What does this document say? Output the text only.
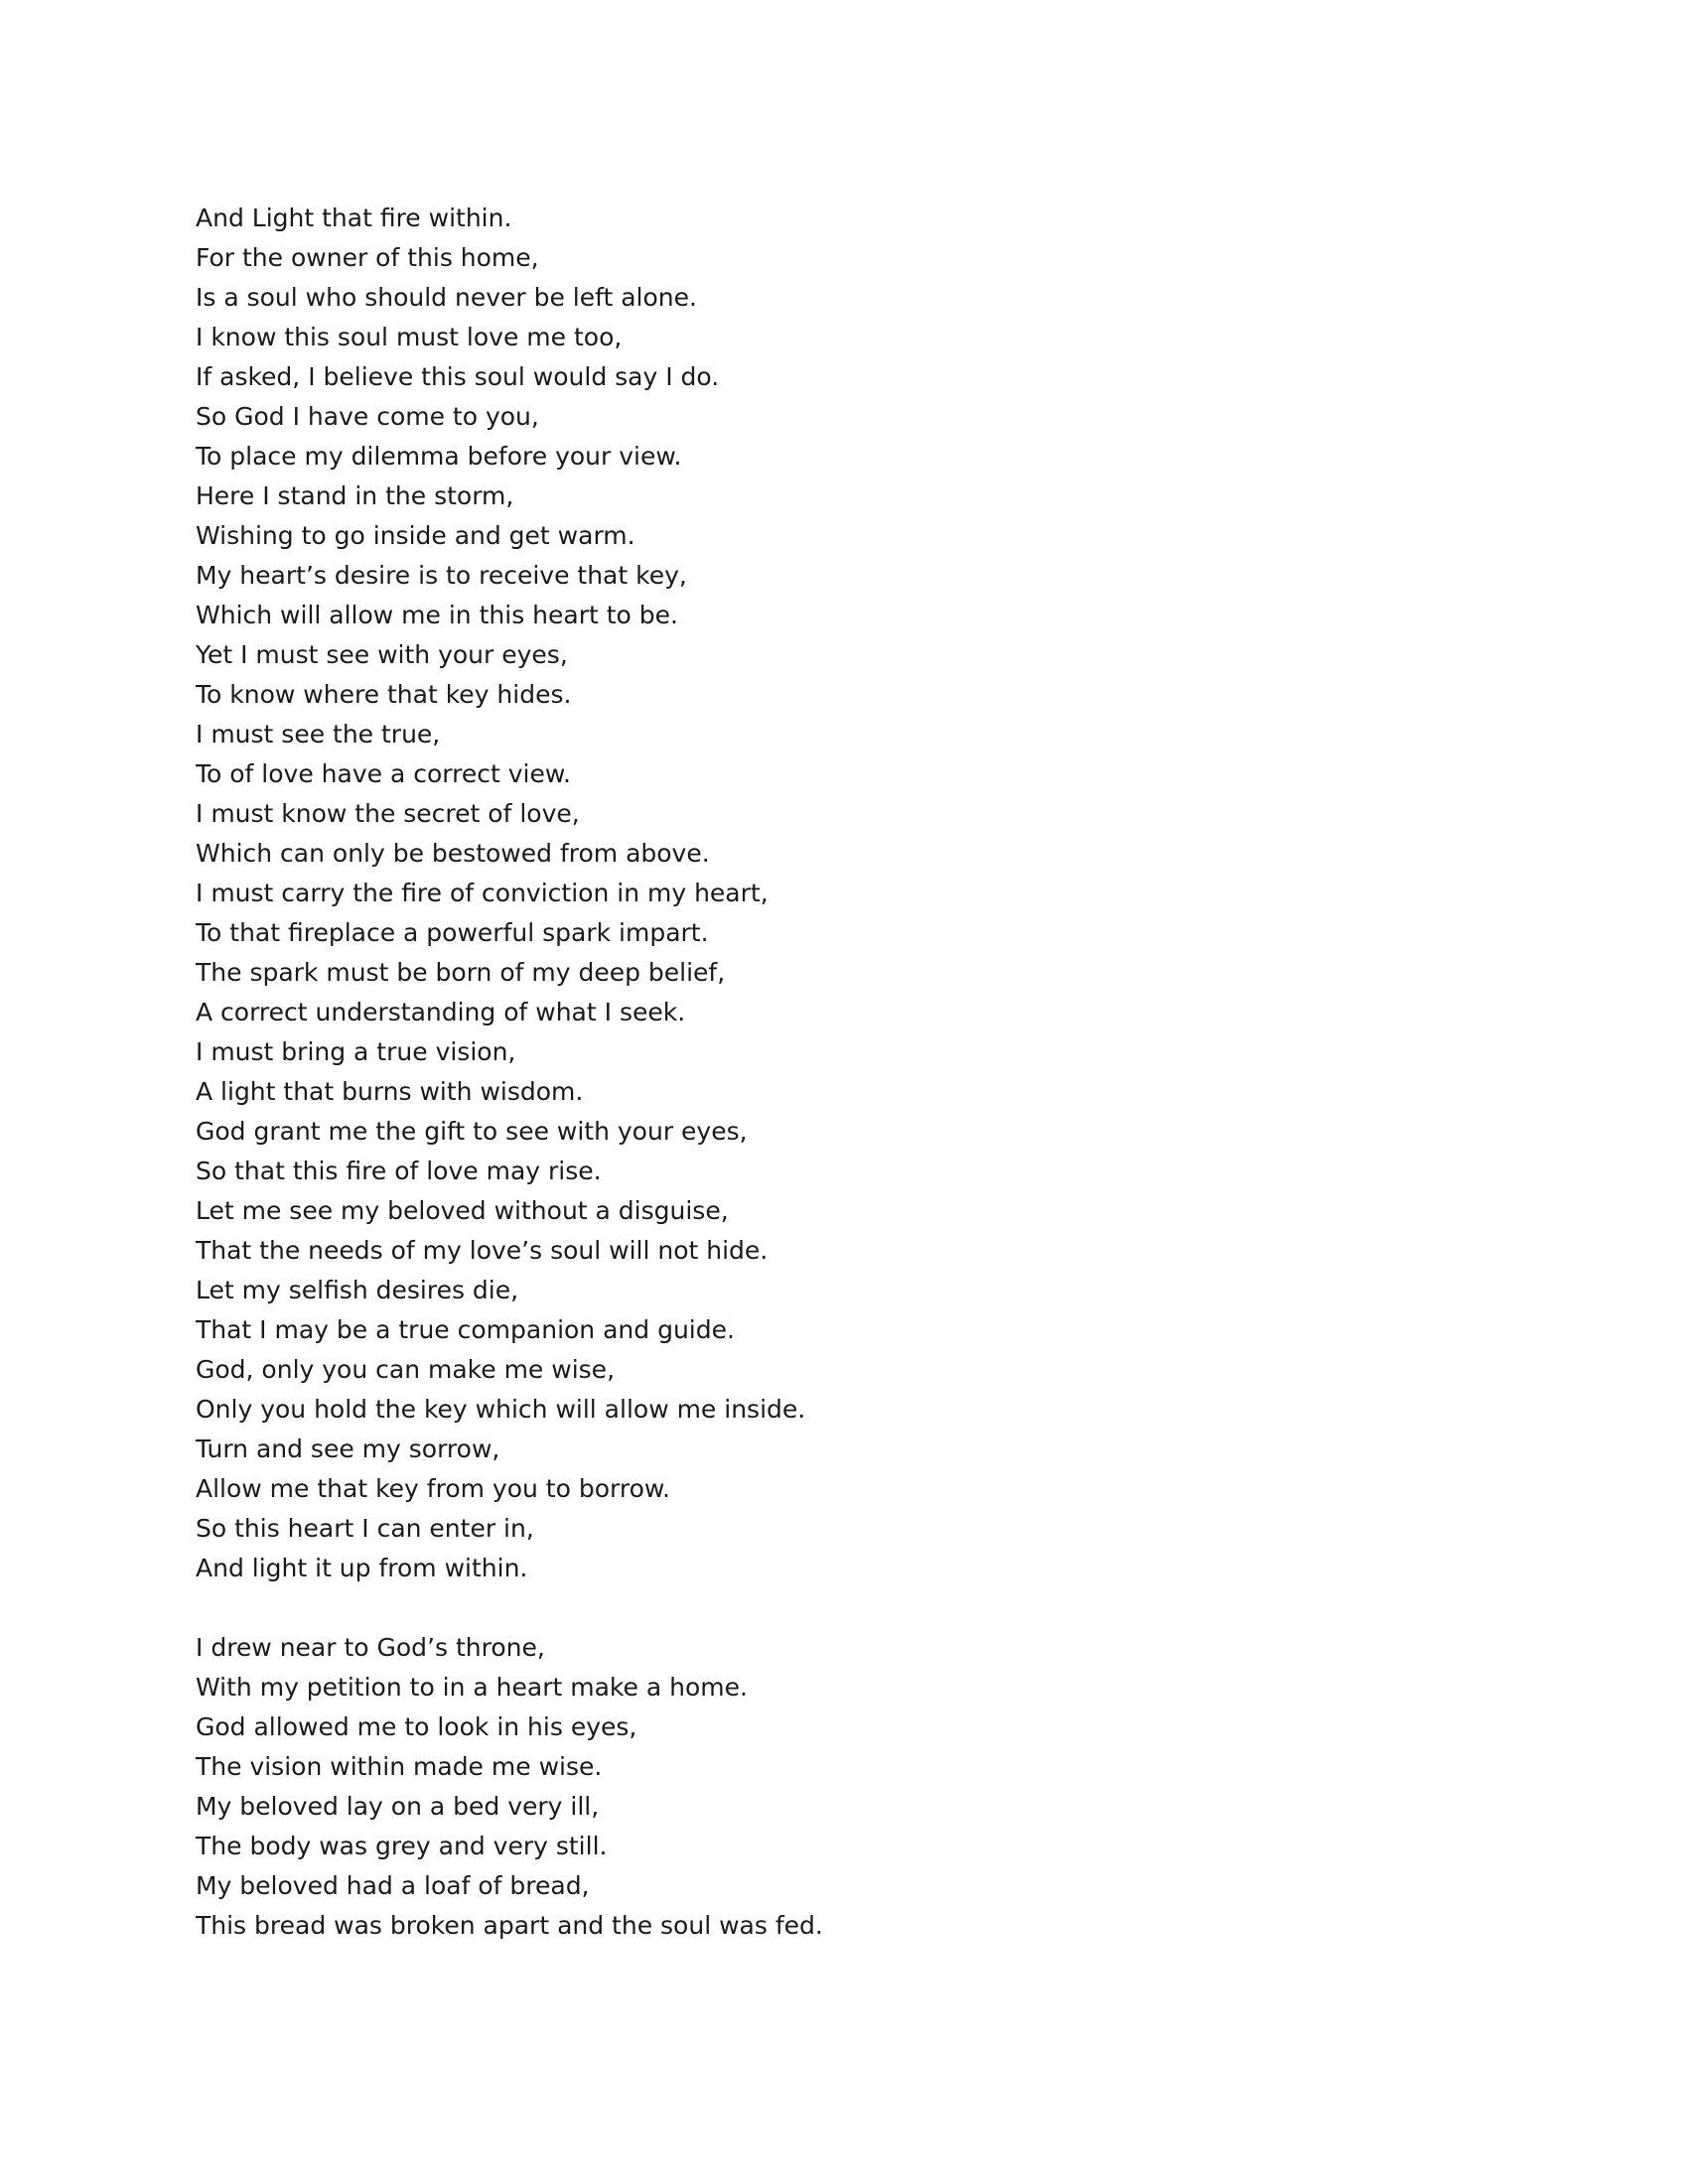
And Light that fire within.
For the owner of this home,
Is a soul who should never be left alone.
I know this soul must love me too,
If asked, I believe this soul would say I do.
So God I have come to you,
To place my dilemma before your view.
Here I stand in the storm,
Wishing to go inside and get warm.
My heart’s desire is to receive that key,
Which will allow me in this heart to be.
Yet I must see with your eyes,
To know where that key hides.
I must see the true,
To of love have a correct view.
I must know the secret of love,
Which can only be bestowed from above.
I must carry the fire of conviction in my heart,
To that fireplace a powerful spark impart.
The spark must be born of my deep belief,
A correct understanding of what I seek.
I must bring a true vision,
A light that burns with wisdom.
God grant me the gift to see with your eyes,
So that this fire of love may rise.
Let me see my beloved without a disguise,
That the needs of my love’s soul will not hide.
Let my selfish desires die,
That I may be a true companion and guide.
God, only you can make me wise,
Only you hold the key which will allow me inside.
Turn and see my sorrow,
Allow me that key from you to borrow.
So this heart I can enter in,
And light it up from within.
I drew near to God’s throne,
With my petition to in a heart make a home.
God allowed me to look in his eyes,
The vision within made me wise.
My beloved lay on a bed very ill,
The body was grey and very still.
My beloved had a loaf of bread,
This bread was broken apart and the soul was fed.
